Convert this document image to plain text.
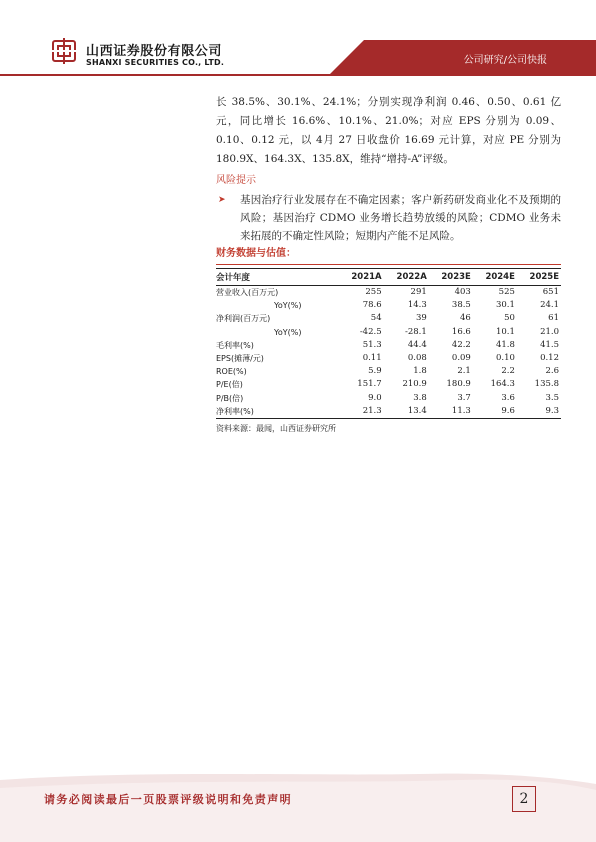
山西证券股份有限公司
SHANXI SECURITIES CO., LTD.	公司研究/公司快报

长 38.5%、30.1%、24.1%；分别实现净利润 0.46、0.50、0.61 亿元，同比增长 16.6%、10.1%、21.0%；对应 EPS 分别为 0.09、0.10、0.12 元，以 4月 27 日收盘价 16.69 元计算，对应 PE 分别为 180.9X、164.3X、135.8X，维持“增持-A”评级。

风险提示
➤ 基因治疗行业发展存在不确定因素；客户新药研发商业化不及预期的风险；基因治疗 CDMO 业务增长趋势放缓的风险；CDMO 业务未来拓展的不确定性风险；短期内产能不足风险。
财务数据与估值：
会计年度	2021A	2022A	2023E	2024E	2025E
营业收入(百万元)	255	291	403	525	651
YoY(%)	78.6	14.3	38.5	30.1	24.1
净利润(百万元)	54	39	46	50	61
YoY(%)	-42.5	-28.1	16.6	10.1	21.0
毛利率(%)	51.3	44.4	42.2	41.8	41.5
EPS(摊薄/元)	0.11	0.08	0.09	0.10	0.12
ROE(%)	5.9	1.8	2.1	2.2	2.6
P/E(倍)	151.7	210.9	180.9	164.3	135.8
P/B(倍)	9.0	3.8	3.7	3.6	3.5
净利率(%)	21.3	13.4	11.3	9.6	9.3
资料来源：最闻，山西证券研究所
请务必阅读最后一页股票评级说明和免责声明	2
